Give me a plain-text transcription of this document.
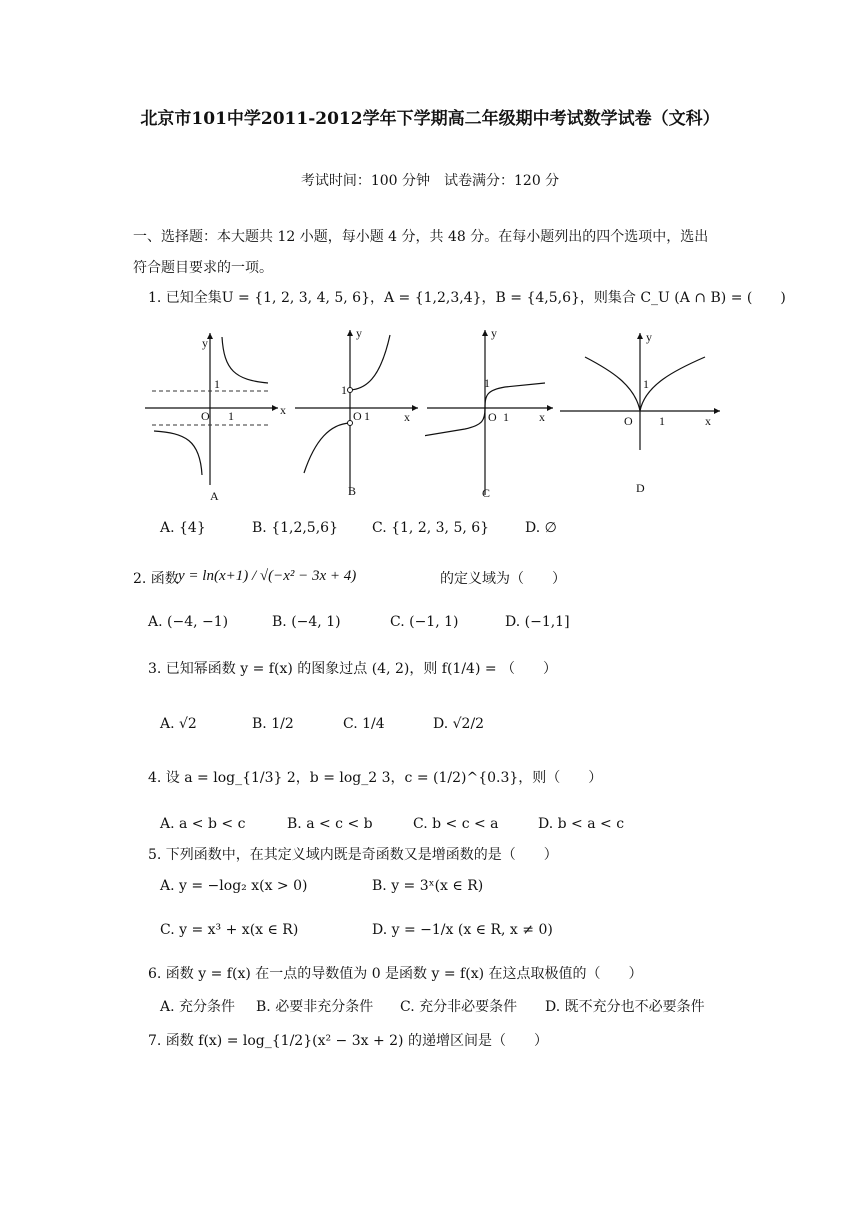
北京市101中学2011-2012学年下学期高二年级期中考试数学试卷（文科）
考试时间：100 分钟　试卷满分：120 分
一、选择题：本大题共 12 小题，每小题 4 分，共 48 分。在每小题列出的四个选项中，选出
符合题目要求的一项。
1. 已知全集U = {1, 2, 3, 4, 5, 6}，A = {1,2,3,4}，B = {4,5,6}，则集合 C_U (A ∩ B) = (　　)
y
x
O
1
1
A
y
x
O
1
1
B
y
x
O
1
1
C
y
x
O
1
1
D
A. {4}	B. {1,2,5,6} C. {1, 2, 3, 5, 6}	D. ∅
2. 函数 y = ln(x+1) / √(−x² − 3x + 4)	的定义域为（　　）
A. (−4, −1)	B. (−4, 1)	C. (−1, 1)	D. (−1,1]
3. 已知幂函数 y = f(x) 的图象过点 (4, 2)，则 f(1/4) = （　　）
A. √2	B. 1/2	C. 1/4	D. √2/2
4. 设 a = log_{1/3} 2，b = log_2 3，c = (1/2)^{0.3}，则（　　）
A. a < b < c	B. a < c < b	C. b < c < a	D. b < a < c
5. 下列函数中，在其定义域内既是奇函数又是增函数的是（　　）
A. y = −log₂ x(x > 0)	B. y = 3ˣ(x ∈ R)
C. y = x³ + x(x ∈ R)	D. y = −1/x (x ∈ R, x ≠ 0)
6. 函数 y = f(x) 在一点的导数值为 0 是函数 y = f(x) 在这点取极值的（　　）
A. 充分条件 B. 必要非充分条件 C. 充分非必要条件 D. 既不充分也不必要条件
7. 函数 f(x) = log_{1/2}(x² − 3x + 2) 的递增区间是（　　）
